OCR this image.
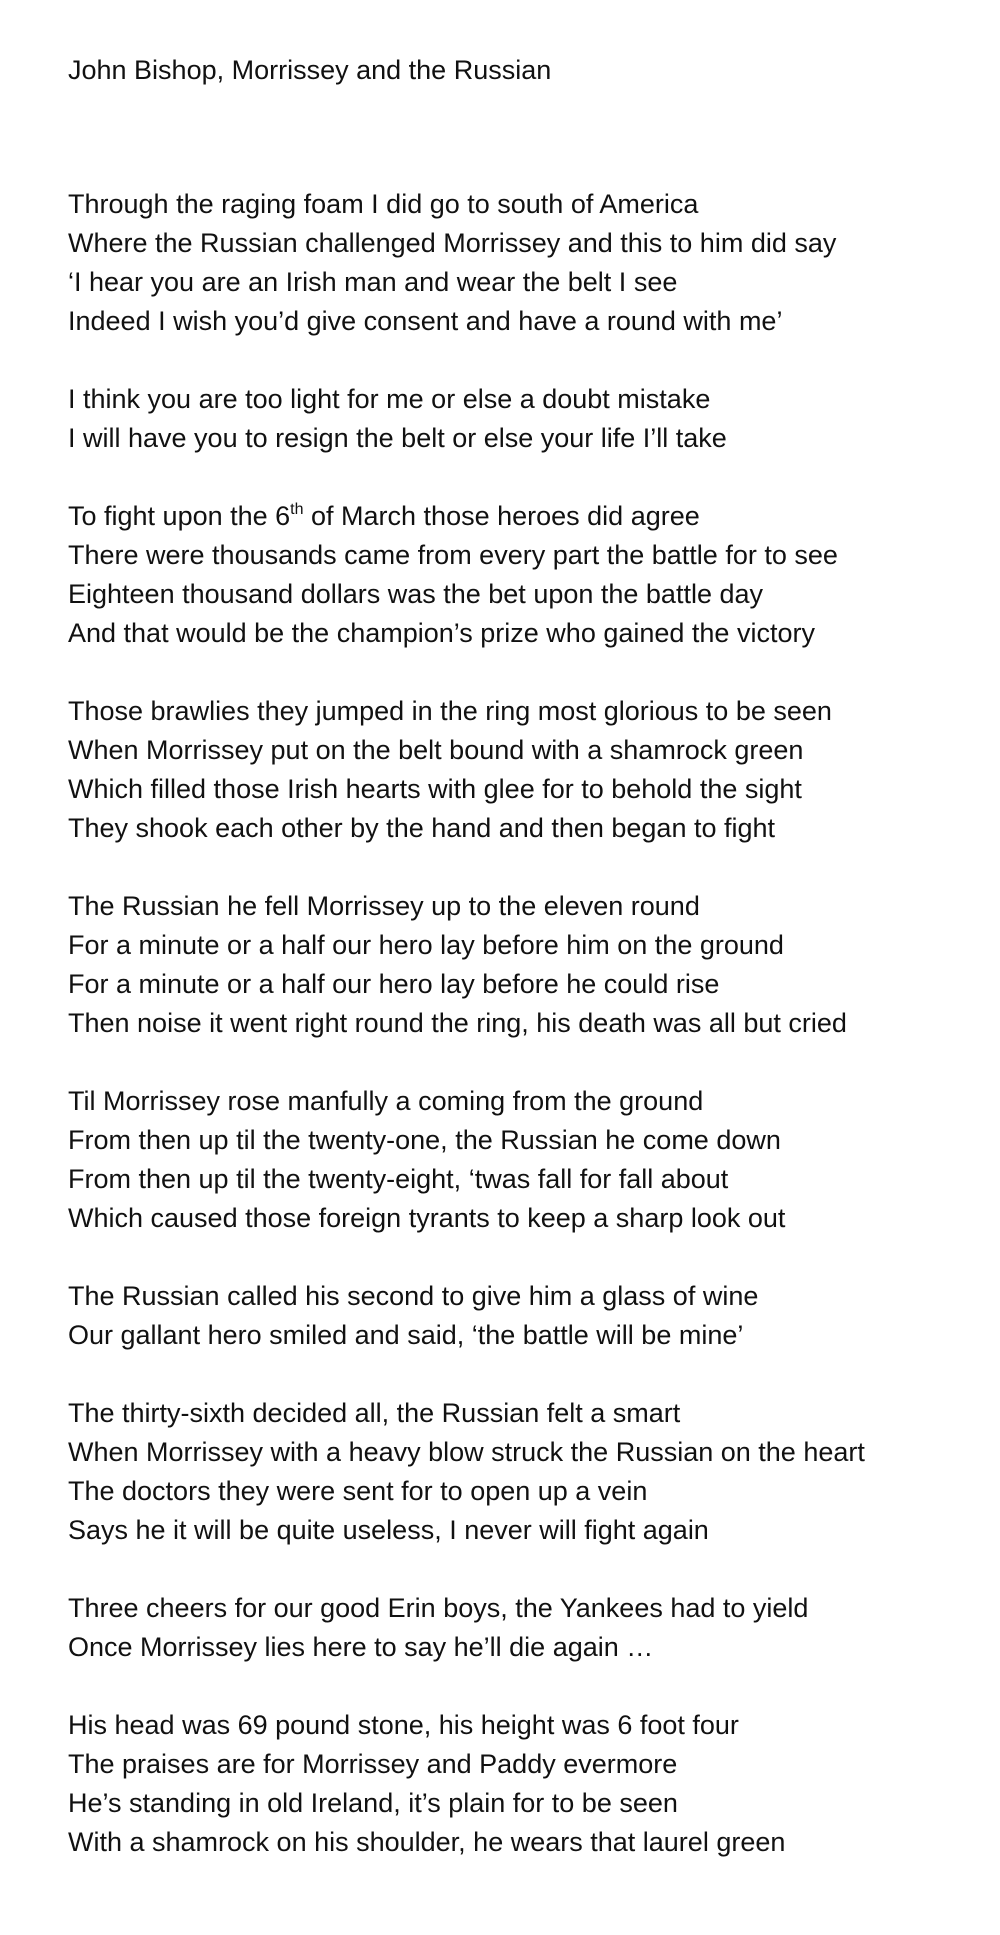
John Bishop, Morrissey and the Russian
Through the raging foam I did go to south of America
Where the Russian challenged Morrissey and this to him did say
‘I hear you are an Irish man and wear the belt I see
Indeed I wish you’d give consent and have a round with me’
I think you are too light for me or else a doubt mistake
I will have you to resign the belt or else your life I’ll take
To fight upon the 6th of March those heroes did agree
There were thousands came from every part the battle for to see
Eighteen thousand dollars was the bet upon the battle day
And that would be the champion’s prize who gained the victory
Those brawlies they jumped in the ring most glorious to be seen
When Morrissey put on the belt bound with a shamrock green
Which filled those Irish hearts with glee for to behold the sight
They shook each other by the hand and then began to fight
The Russian he fell Morrissey up to the eleven round
For a minute or a half our hero lay before him on the ground
For a minute or a half our hero lay before he could rise
Then noise it went right round the ring, his death was all but cried
Til Morrissey rose manfully a coming from the ground
From then up til the twenty-one, the Russian he come down
From then up til the twenty-eight, ‘twas fall for fall about
Which caused those foreign tyrants to keep a sharp look out
The Russian called his second to give him a glass of wine
Our gallant hero smiled and said, ‘the battle will be mine’
The thirty-sixth decided all, the Russian felt a smart
When Morrissey with a heavy blow struck the Russian on the heart
The doctors they were sent for to open up a vein
Says he it will be quite useless, I never will fight again
Three cheers for our good Erin boys, the Yankees had to yield
Once Morrissey lies here to say he’ll die again …
His head was 69 pound stone, his height was 6 foot four
The praises are for Morrissey and Paddy evermore
He’s standing in old Ireland, it’s plain for to be seen
With a shamrock on his shoulder, he wears that laurel green
